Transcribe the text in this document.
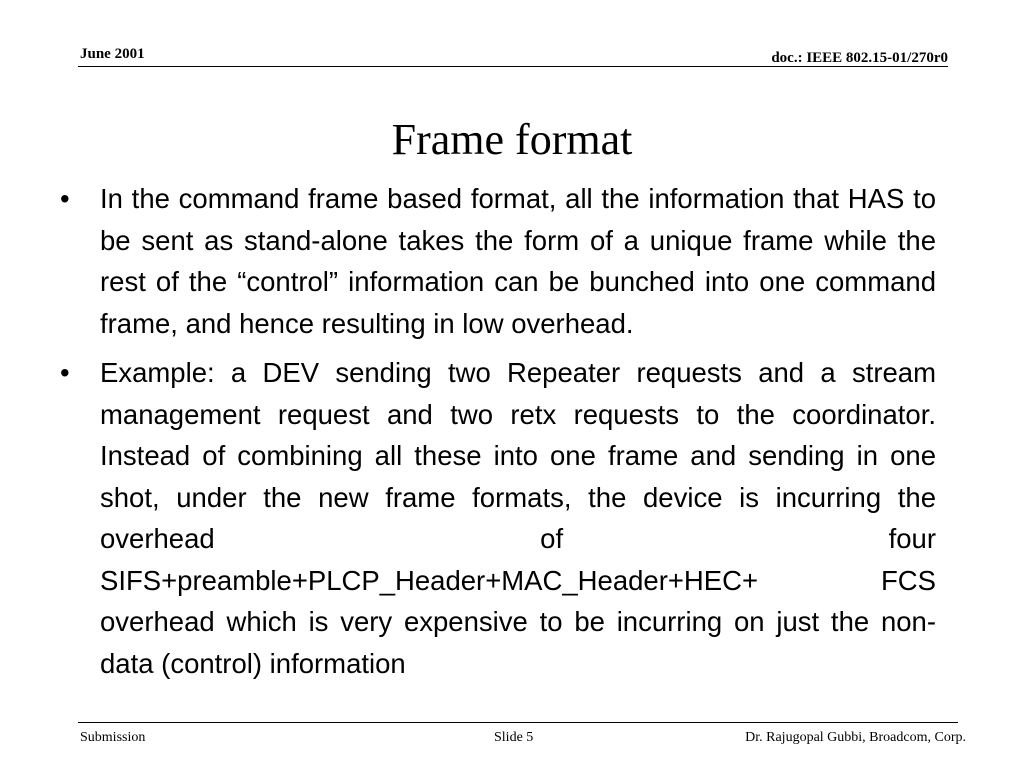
June 2001	doc.: IEEE 802.15-01/270r0
Frame format
• In the command frame based format, all the information that HAS to be sent as stand-alone takes the form of a unique frame while the rest of the “control” information can be bunched into one command frame, and hence resulting in low overhead.
• Example: a DEV sending two Repeater requests and a stream management request and two retx requests to the coordinator. Instead of combining all these into one frame and sending in one shot, under the new frame formats, the device is incurring the overhead of four SIFS+preamble+PLCP_Header+MAC_Header+HEC+ FCS overhead which is very expensive to be incurring on just the non-data (control) information
Submission	Slide 5	Dr. Rajugopal Gubbi, Broadcom, Corp.
